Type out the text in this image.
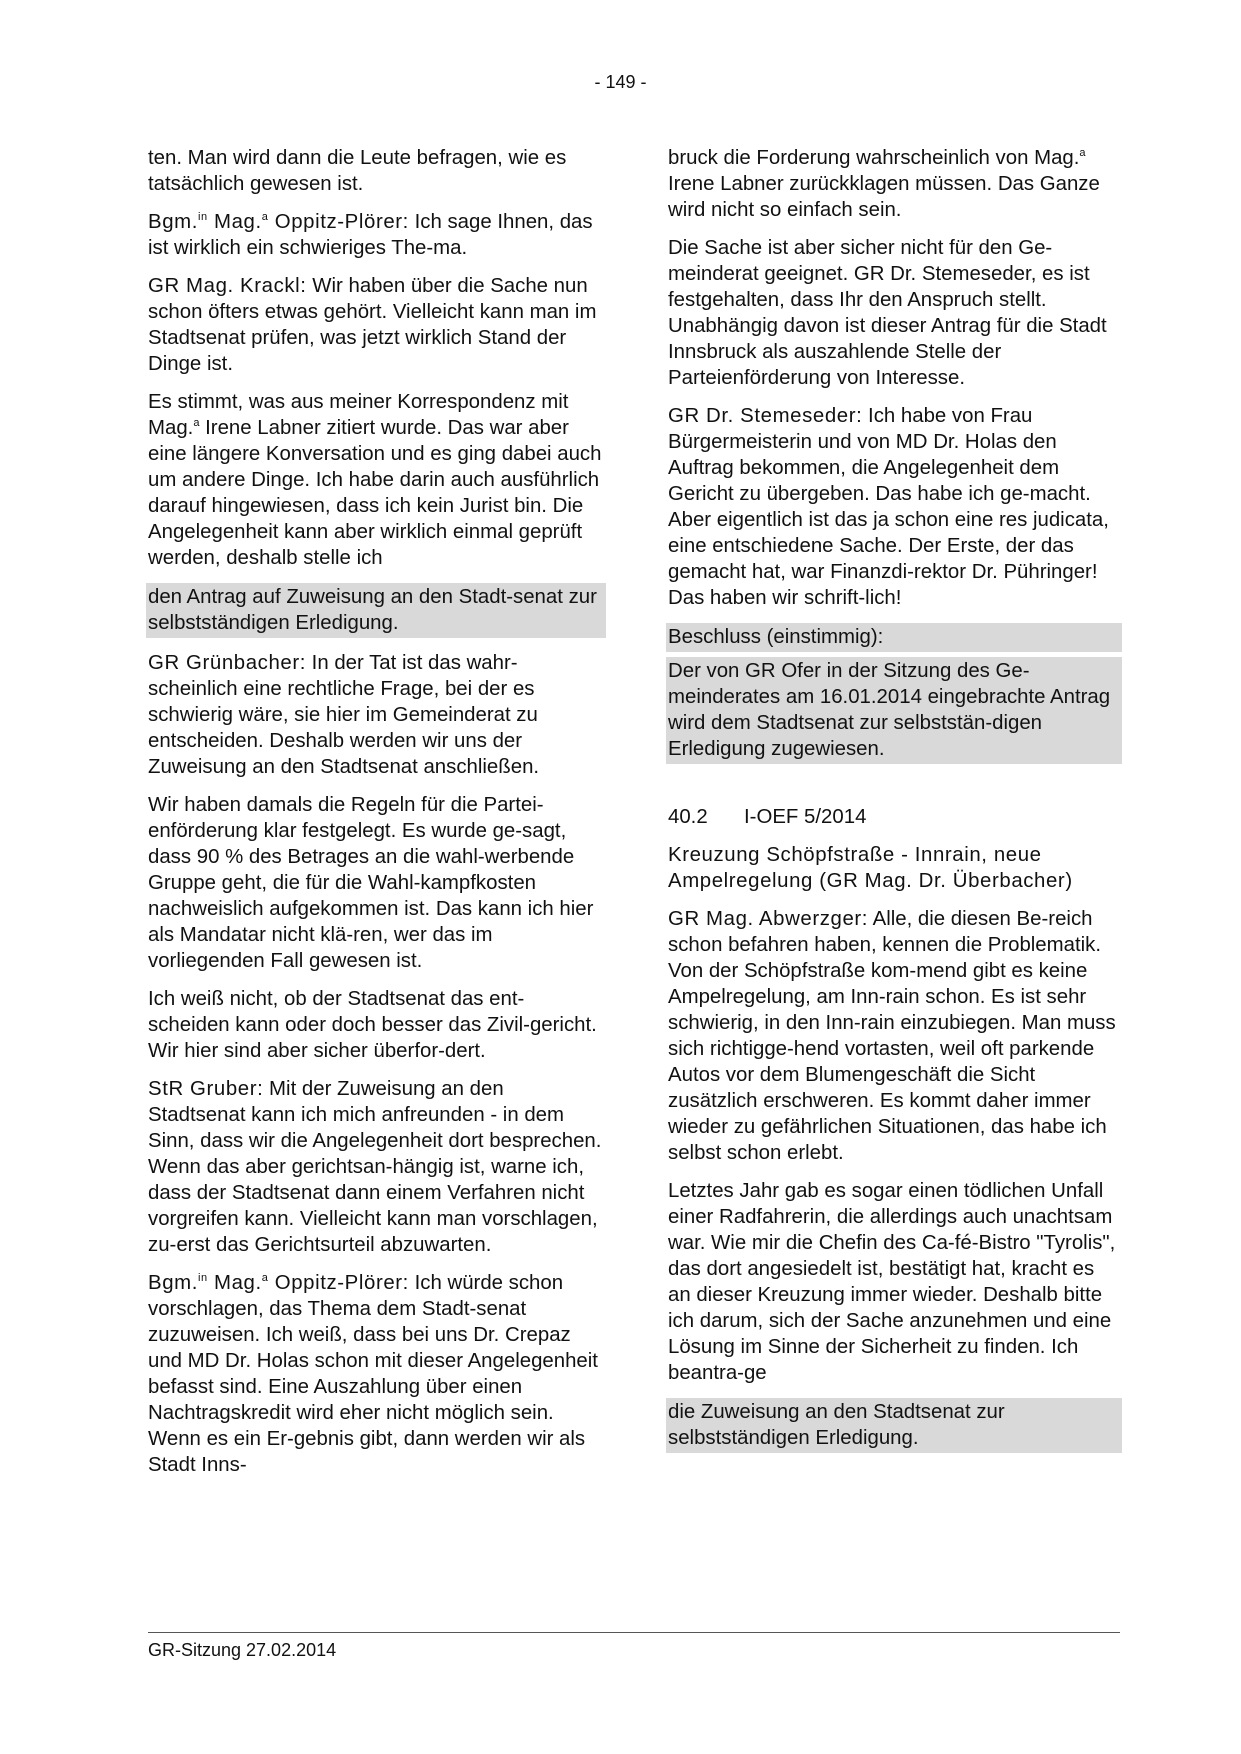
- 149 -

ten. Man wird dann die Leute befragen, wie es tatsächlich gewesen ist.

Bgm.$^{in}$ Mag.$^a$ Oppitz-Plörer: Ich sage Ihnen, das ist wirklich ein schwieriges The-ma.

GR Mag. Krackl: Wir haben über die Sache nun schon öfters etwas gehört. Vielleicht kann man im Stadtsenat prüfen, was jetzt wirklich Stand der Dinge ist.

Es stimmt, was aus meiner Korrespondenz mit Mag.$^a$ Irene Labner zitiert wurde. Das war aber eine längere Konversation und es ging dabei auch um andere Dinge. Ich habe darin auch ausführlich darauf hingewiesen, dass ich kein Jurist bin. Die Angelegenheit kann aber wirklich einmal geprüft werden, deshalb stelle ich

den Antrag auf Zuweisung an den Stadt-senat zur selbstständigen Erledigung.

GR Grünbacher: In der Tat ist das wahr-scheinlich eine rechtliche Frage, bei der es schwierig wäre, sie hier im Gemeinderat zu entscheiden. Deshalb werden wir uns der Zuweisung an den Stadtsenat anschließen.

Wir haben damals die Regeln für die Partei-enförderung klar festgelegt. Es wurde ge-sagt, dass 90 % des Betrages an die wahl-werbende Gruppe geht, die für die Wahl-kampfkosten nachweislich aufgekommen ist. Das kann ich hier als Mandatar nicht klä-ren, wer das im vorliegenden Fall gewesen ist.

Ich weiß nicht, ob der Stadtsenat das ent-scheiden kann oder doch besser das Zivil-gericht. Wir hier sind aber sicher überfor-dert.

StR Gruber: Mit der Zuweisung an den Stadtsenat kann ich mich anfreunden - in dem Sinn, dass wir die Angelegenheit dort besprechen. Wenn das aber gerichtsan-hängig ist, warne ich, dass der Stadtsenat dann einem Verfahren nicht vorgreifen kann. Vielleicht kann man vorschlagen, zu-erst das Gerichtsurteil abzuwarten.

Bgm.$^{in}$ Mag.$^a$ Oppitz-Plörer: Ich würde schon vorschlagen, das Thema dem Stadt-senat zuzuweisen. Ich weiß, dass bei uns Dr. Crepaz und MD Dr. Holas schon mit dieser Angelegenheit befasst sind. Eine Auszahlung über einen Nachtragskredit wird eher nicht möglich sein. Wenn es ein Er-gebnis gibt, dann werden wir als Stadt Inns-

bruck die Forderung wahrscheinlich von Mag.$^a$ Irene Labner zurückklagen müssen. Das Ganze wird nicht so einfach sein.

Die Sache ist aber sicher nicht für den Ge-meinderat geeignet. GR Dr. Stemeseder, es ist festgehalten, dass Ihr den Anspruch stellt. Unabhängig davon ist dieser Antrag für die Stadt Innsbruck als auszahlende Stelle der Parteienförderung von Interesse.

GR Dr. Stemeseder: Ich habe von Frau Bürgermeisterin und von MD Dr. Holas den Auftrag bekommen, die Angelegenheit dem Gericht zu übergeben. Das habe ich ge-macht. Aber eigentlich ist das ja schon eine res judicata, eine entschiedene Sache. Der Erste, der das gemacht hat, war Finanzdi-rektor Dr. Pühringer! Das haben wir schrift-lich!

Beschluss (einstimmig):

Der von GR Ofer in der Sitzung des Ge-meinderates am 16.01.2014 eingebrachte Antrag wird dem Stadtsenat zur selbststän-digen Erledigung zugewiesen.

40.2	I-OEF 5/2014

Kreuzung Schöpfstraße - Innrain, neue Ampelregelung (GR Mag. Dr. Überbacher)

GR Mag. Abwerzger: Alle, die diesen Be-reich schon befahren haben, kennen die Problematik. Von der Schöpfstraße kom-mend gibt es keine Ampelregelung, am Inn-rain schon. Es ist sehr schwierig, in den Inn-rain einzubiegen. Man muss sich richtigge-hend vortasten, weil oft parkende Autos vor dem Blumengeschäft die Sicht zusätzlich erschweren. Es kommt daher immer wieder zu gefährlichen Situationen, das habe ich selbst schon erlebt.

Letztes Jahr gab es sogar einen tödlichen Unfall einer Radfahrerin, die allerdings auch unachtsam war. Wie mir die Chefin des Ca-fé-Bistro "Tyrolis", das dort angesiedelt ist, bestätigt hat, kracht es an dieser Kreuzung immer wieder. Deshalb bitte ich darum, sich der Sache anzunehmen und eine Lösung im Sinne der Sicherheit zu finden. Ich beantra-ge

die Zuweisung an den Stadtsenat zur selbstständigen Erledigung.

GR-Sitzung 27.02.2014
